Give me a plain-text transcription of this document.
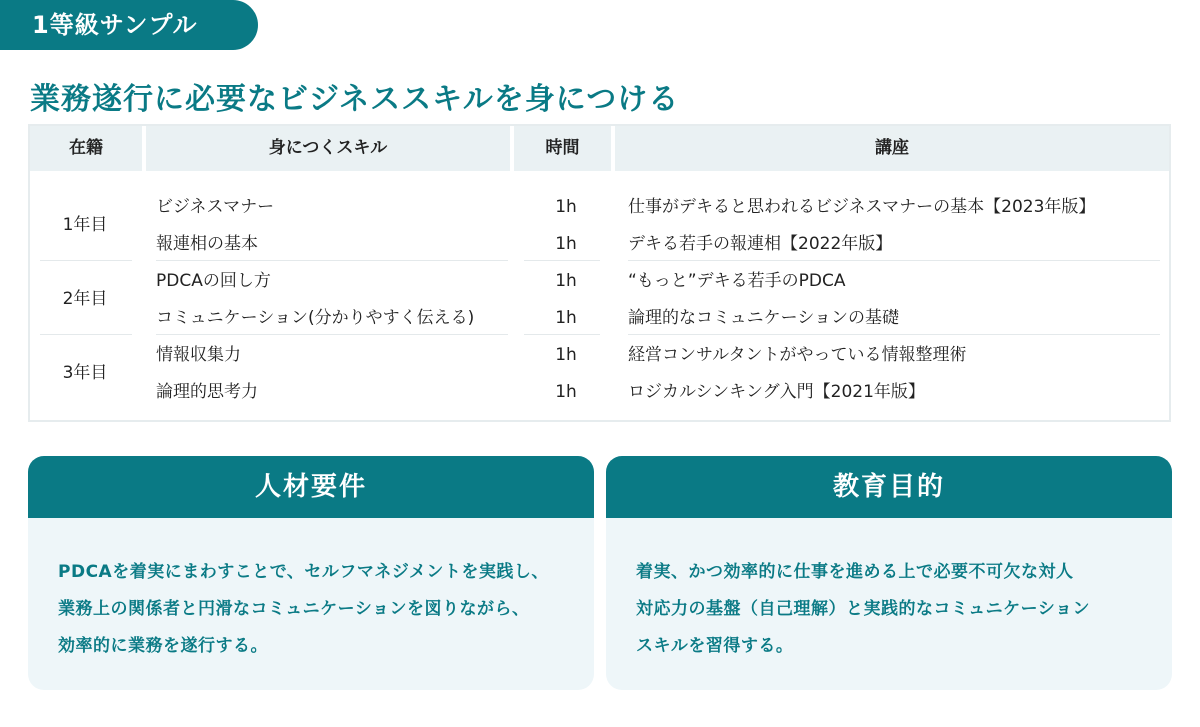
1等級サンプル
業務遂行に必要なビジネススキルを身につける
在籍	身につくスキル	時間	講座
1年目
ビジネスマナー	1h	仕事がデキると思われるビジネスマナーの基本【2023年版】
報連相の基本	1h	デキる若手の報連相【2022年版】
2年目
PDCAの回し方	1h	“もっと”デキる若手のPDCA
コミュニケーション(分かりやすく伝える)	1h	論理的なコミュニケーションの基礎
3年目
情報収集力	1h	経営コンサルタントがやっている情報整理術
論理的思考力	1h	ロジカルシンキング入門【2021年版】
人材要件
PDCAを着実にまわすことで、セルフマネジメントを実践し、
業務上の関係者と円滑なコミュニケーションを図りながら、
効率的に業務を遂行する。
教育目的
着実、かつ効率的に仕事を進める上で必要不可欠な対人
対応力の基盤（自己理解）と実践的なコミュニケーション
スキルを習得する。
